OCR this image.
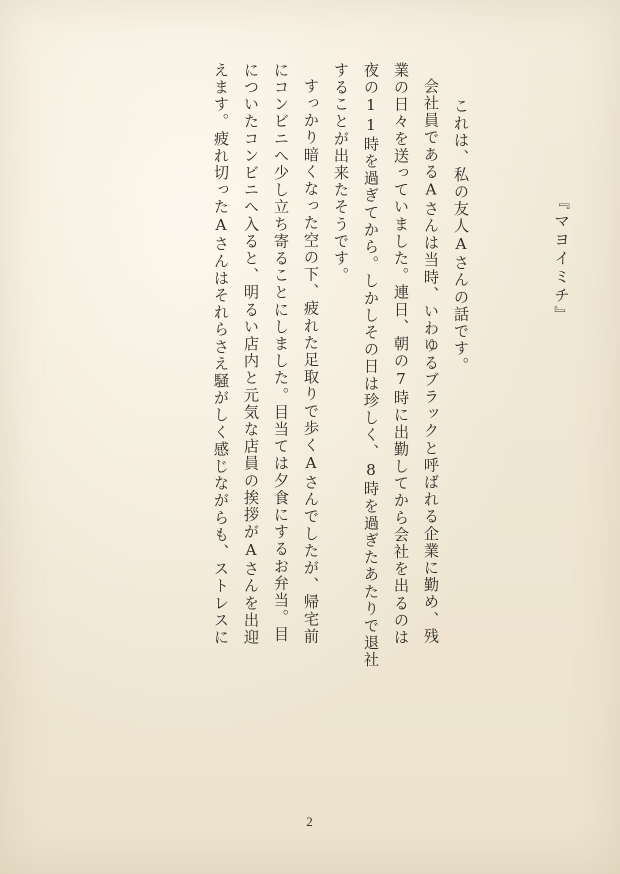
『マヨイミチ』
これは、私の友人Aさんの話です。
会社員であるAさんは当時、いわゆるブラックと呼ばれる企業に勤め、残
業の日々を送っていました。連日、朝の7時に出勤してから会社を出るのは
夜の11時を過ぎてから。しかしその日は珍しく、8時を過ぎたあたりで退社
することが出来たそうです。
すっかり暗くなった空の下、疲れた足取りで歩くAさんでしたが、帰宅前
にコンビニへ少し立ち寄ることにしました。目当ては夕食にするお弁当。目
についたコンビニへ入ると、明るい店内と元気な店員の挨拶がAさんを出迎
えます。疲れ切ったAさんはそれらさえ騒がしく感じながらも、ストレスに
2
